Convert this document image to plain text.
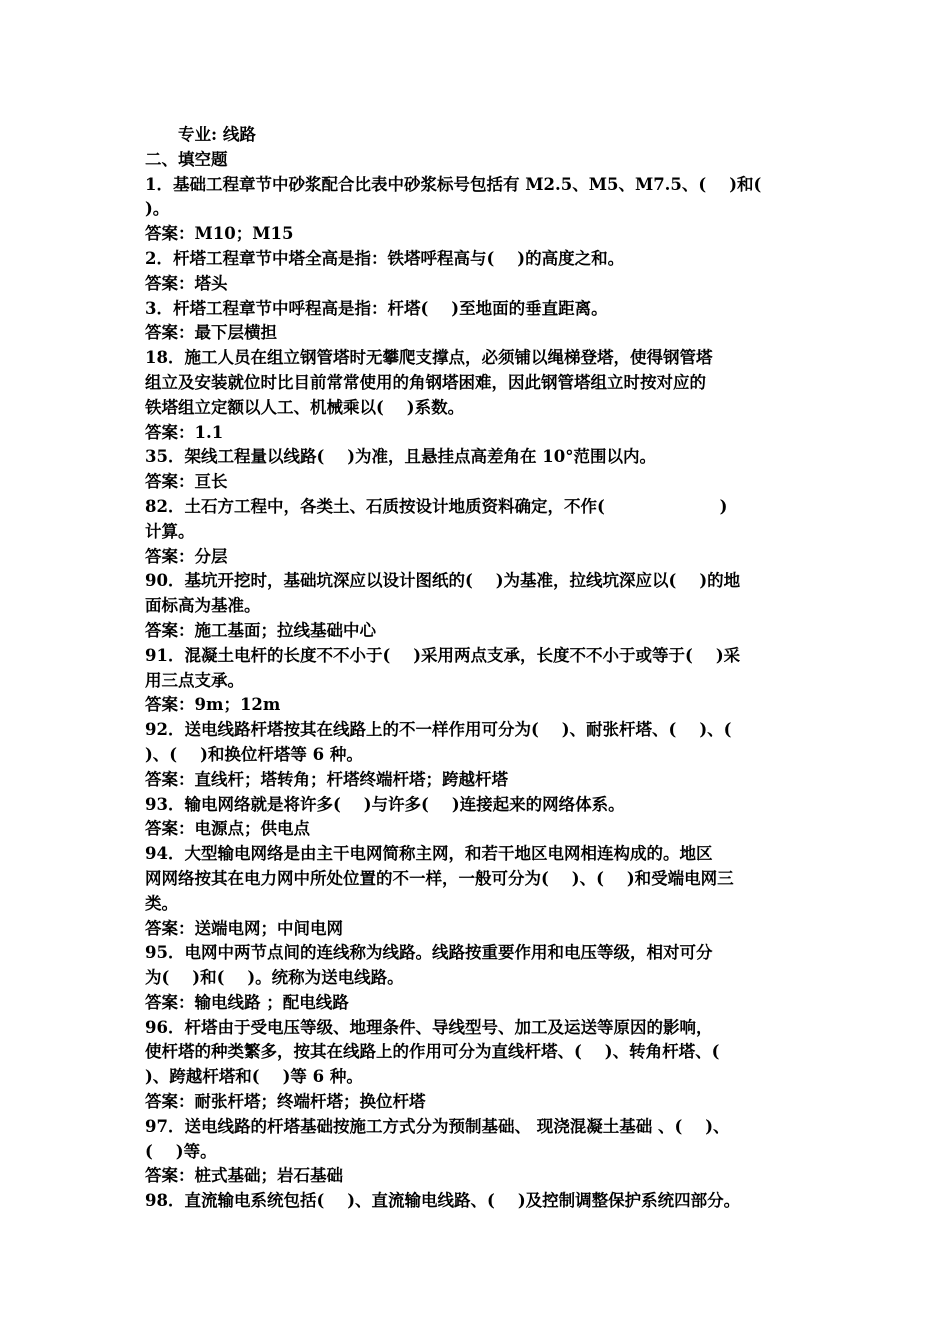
专业: 线路
二、填空题
1．基础工程章节中砂浆配合比表中砂浆标号包括有 M2.5、M5、M7.5、(    )和(
)。
答案：M10；M15
2．杆塔工程章节中塔全高是指：铁塔呼程高与(    )的高度之和。
答案：塔头
3．杆塔工程章节中呼程高是指：杆塔(    )至地面的垂直距离。
答案：最下层横担
18．施工人员在组立钢管塔时无攀爬支撑点，必须铺以绳梯登塔，使得钢管塔
组立及安装就位时比目前常常使用的角钢塔困难，因此钢管塔组立时按对应的
铁塔组立定额以人工、机械乘以(    )系数。
答案：1.1
35．架线工程量以线路(    )为准，且悬挂点高差角在 10°范围以内。
答案：亘长
82．土石方工程中，各类土、石质按设计地质资料确定，不作(                    )
计算。
答案：分层
90．基坑开挖时，基础坑深应以设计图纸的(    )为基准，拉线坑深应以(    )的地
面标高为基准。
答案：施工基面；拉线基础中心
91．混凝土电杆的长度不不小于(    )采用两点支承，长度不不小于或等于(    )采
用三点支承。
答案：9m；12m
92．送电线路杆塔按其在线路上的不一样作用可分为(    )、耐张杆塔、(    )、(
)、(    )和换位杆塔等 6 种。
答案：直线杆；塔转角；杆塔终端杆塔；跨越杆塔
93．输电网络就是将许多(    )与许多(    )连接起来的网络体系。
答案：电源点；供电点
94．大型输电网络是由主干电网简称主网，和若干地区电网相连构成的。地区
网网络按其在电力网中所处位置的不一样，一般可分为(    )、(    )和受端电网三
类。
答案：送端电网；中间电网
95．电网中两节点间的连线称为线路。线路按重要作用和电压等级，相对可分
为(    )和(    )。统称为送电线路。
答案：输电线路 ；配电线路
96．杆塔由于受电压等级、地理条件、导线型号、加工及运送等原因的影响，
使杆塔的种类繁多，按其在线路上的作用可分为直线杆塔、(    )、转角杆塔、(
)、跨越杆塔和(    )等 6 种。
答案：耐张杆塔；终端杆塔；换位杆塔
97．送电线路的杆塔基础按施工方式分为预制基础、 现浇混凝土基础 、(    )、
(    )等。
答案：桩式基础；岩石基础
98．直流输电系统包括(    )、直流输电线路、(    )及控制调整保护系统四部分。
